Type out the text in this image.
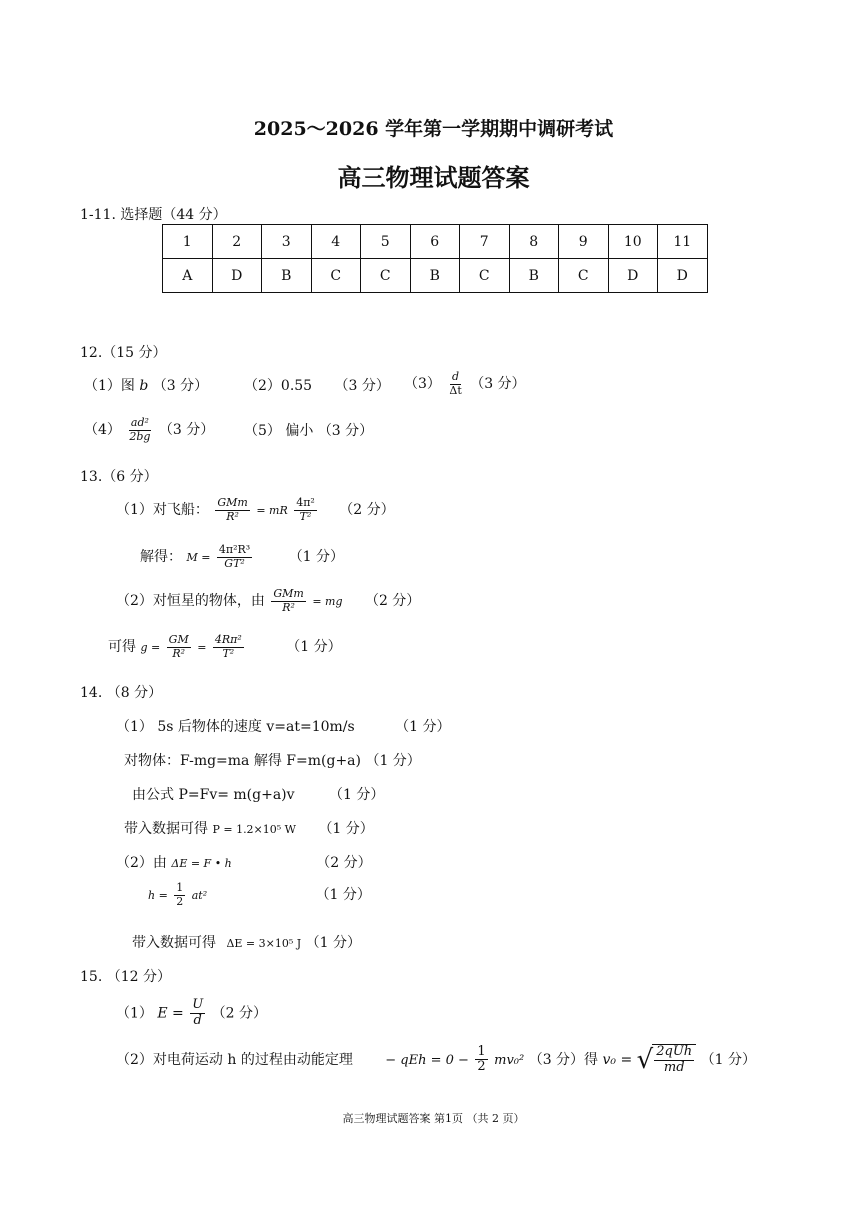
2025～2026 学年第一学期期中调研考试
高三物理试题答案
1-11. 选择题（44 分）
1	2	3	4	5	6	7	8	9	10	11
A	D	B	C	C	B	C	B	C	D	D
12.（15 分）
（1）图 b （3 分）	（2）0.55 （3 分） $(3) \frac{d}{\Delta t} (3$ 分）
$(4) \frac{\text{ad²}}{2bg} (3$ 分） （5） 偏小 （3 分）
13.（6 分）
（1）对飞船： $\frac{\text{GMm}}{\text{R²}}$ = mR $\frac{\text{4π²}}{\text{T²}} (2$ 分）
解得： $M = \frac{\text{4π²R³}}{\text{GT²}}$	（1 分）
（2）对恒星的物体，由 $\frac{\text{GMm}}{\text{R²}}$ = mg （2 分）
可得 $g = \frac{GM}{\text{R²}} = \frac{\text{4Rπ²}}{\text{T²}}$	（1 分）
14. （8 分）
（1） 5s 后物体的速度 v=at=10m/s	（1 分）
对物体：F-mg=ma 解得 F=m(g+a) （1 分）
由公式 P=Fv= m(g+a)v （1 分）
带入数据可得 P = 1.2×10⁵ W （1 分）
（2）由 ΔE = F • h	（2 分）
$h = \frac{1}{2} at^2$	（1 分）
带入数据可得 ΔE = 3×10⁵ J （1 分）
15. （12 分）
（1） $E = \frac{U}{d} (2$ 分）
（2）对电荷运动 h 的过程由动能定理 − qEh = $0 - \frac{1}{2} mv_0^2$ （3 分）得 v₀ = √ $\frac{\text{2qUh}}{md} (1$ 分）
高三物理试题答案 第1页 （共 2 页）
